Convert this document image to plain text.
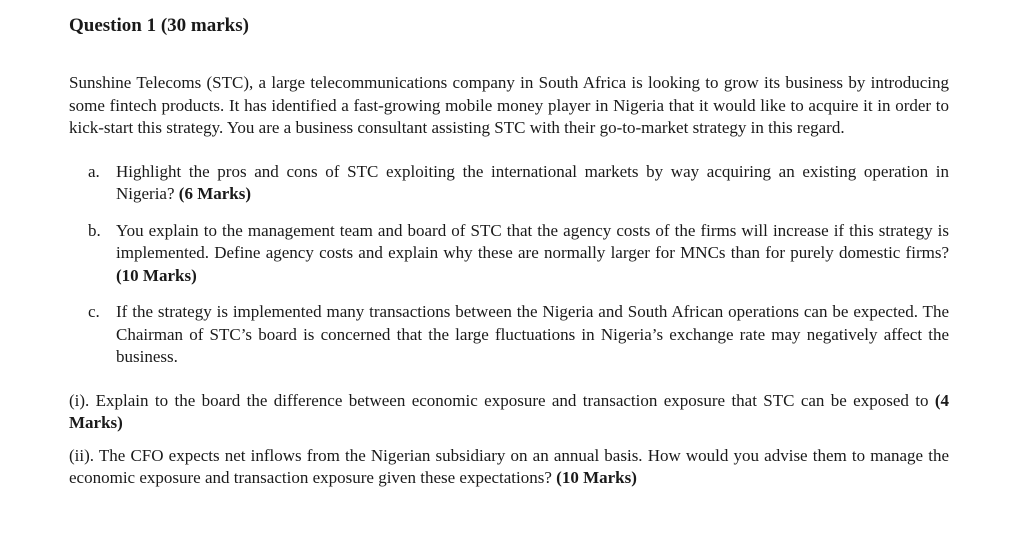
Question 1 (30 marks)

Sunshine Telecoms (STC), a large telecommunications company in South Africa is looking to grow its business by introducing some fintech products. It has identified a fast-growing mobile money player in Nigeria that it would like to acquire it in order to kick-start this strategy. You are a business consultant assisting STC with their go-to-market strategy in this regard.

a. Highlight the pros and cons of STC exploiting the international markets by way acquiring an existing operation in Nigeria? (6 Marks)
b. You explain to the management team and board of STC that the agency costs of the firms will increase if this strategy is implemented. Define agency costs and explain why these are normally larger for MNCs than for purely domestic firms? (10 Marks)
c. If the strategy is implemented many transactions between the Nigeria and South African operations can be expected. The Chairman of STC’s board is concerned that the large fluctuations in Nigeria’s exchange rate may negatively affect the business.

(i). Explain to the board the difference between economic exposure and transaction exposure that STC can be exposed to (4 Marks)

(ii). The CFO expects net inflows from the Nigerian subsidiary on an annual basis. How would you advise them to manage the economic exposure and transaction exposure given these expectations? (10 Marks)
